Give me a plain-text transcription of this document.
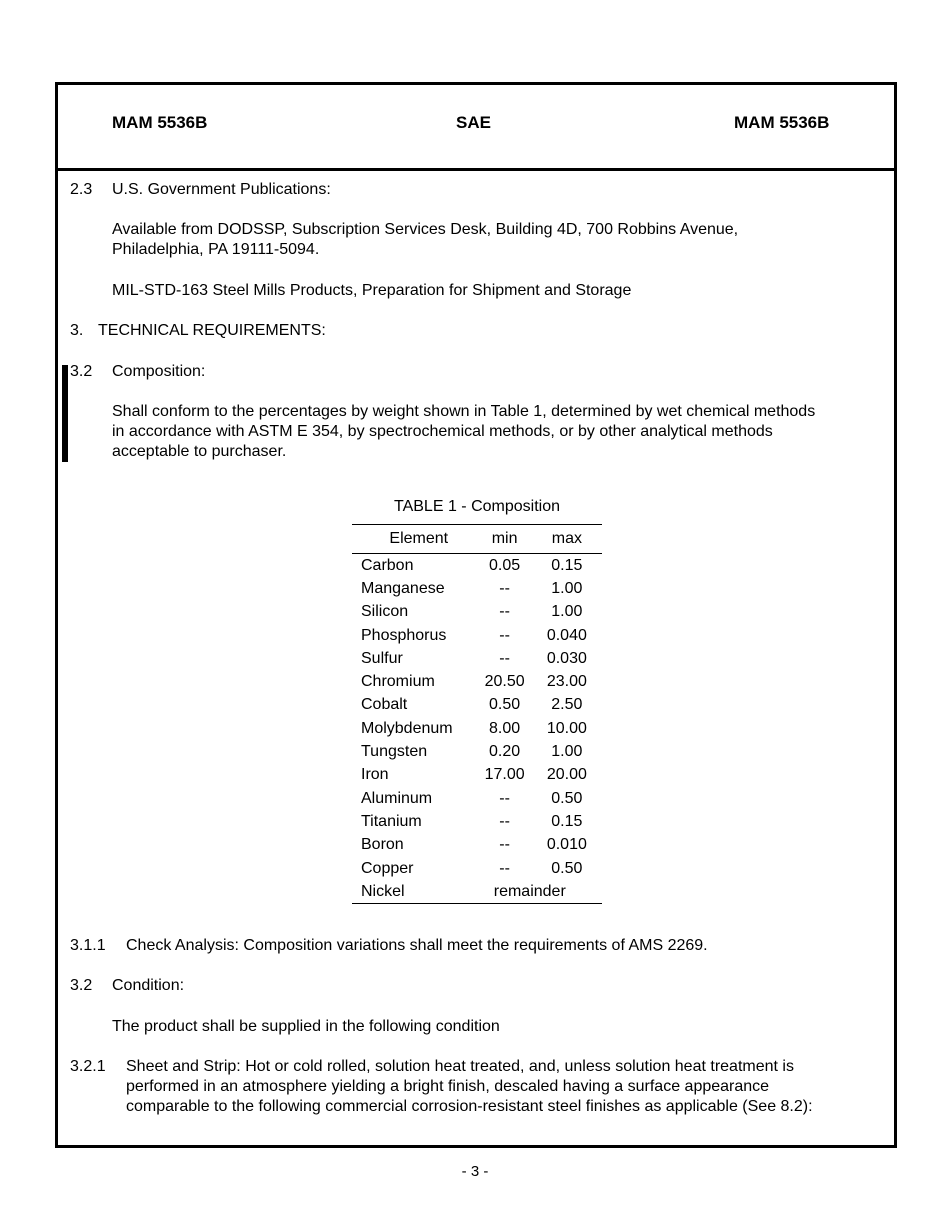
MAM 5536B	SAE	MAM 5536B
2.3 U.S. Government Publications:
Available from DODSSP, Subscription Services Desk, Building 4D, 700 Robbins Avenue,
Philadelphia, PA 19111-5094.
MIL-STD-163 Steel Mills Products, Preparation for Shipment and Storage
3. TECHNICAL REQUIREMENTS:
3.2 Composition:
Shall conform to the percentages by weight shown in Table 1, determined by wet chemical methods
in accordance with ASTM E 354, by spectrochemical methods, or by other analytical methods
acceptable to purchaser.
TABLE 1 - Composition
Element	min	max
Carbon	0.05	0.15
Manganese	--	1.00
Silicon	--	1.00
Phosphorus	--	0.040
Sulfur	--	0.030
Chromium	20.50	23.00
Cobalt	0.50	2.50
Molybdenum	8.00	10.00
Tungsten	0.20	1.00
Iron	17.00	20.00
Aluminum	--	0.50
Titanium	--	0.15
Boron	--	0.010
Copper	--	0.50
Nickel	remainder	
3.1.1 Check Analysis: Composition variations shall meet the requirements of AMS 2269.
3.2 Condition:
The product shall be supplied in the following condition
3.2.1 Sheet and Strip: Hot or cold rolled, solution heat treated, and, unless solution heat treatment is
performed in an atmosphere yielding a bright finish, descaled having a surface appearance
comparable to the following commercial corrosion-resistant steel finishes as applicable (See 8.2):
- 3 -
